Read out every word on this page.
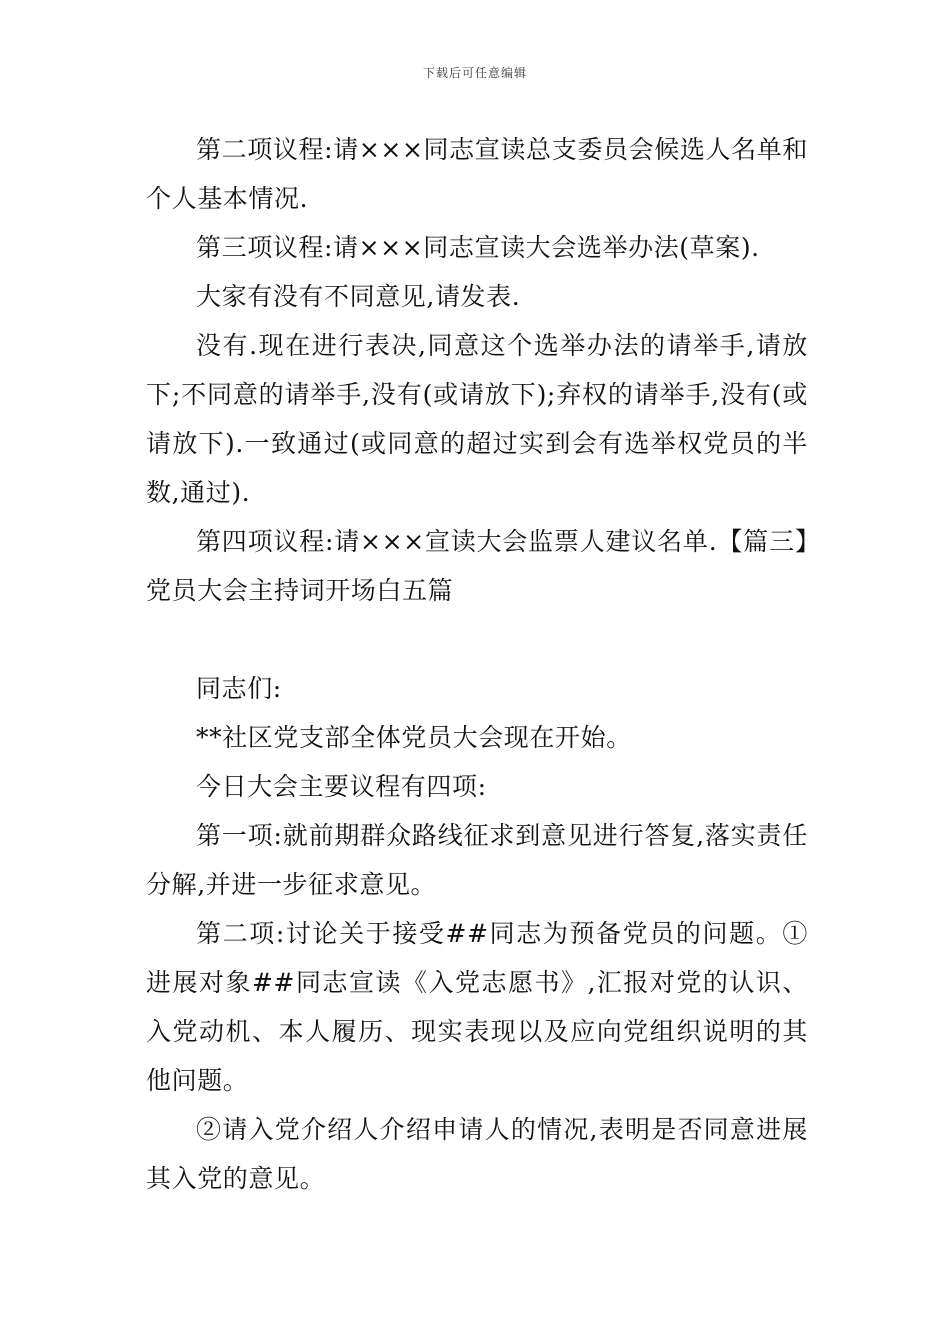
下载后可任意编辑

第二项议程:请×××同志宣读总支委员会候选人名单和个人基本情况.

第三项议程:请×××同志宣读大会选举办法(草案).

大家有没有不同意见,请发表.

没有.现在进行表决,同意这个选举办法的请举手,请放下;不同意的请举手,没有(或请放下);弃权的请举手,没有(或请放下).一致通过(或同意的超过实到会有选举权党员的半数,通过).

第四项议程:请×××宣读大会监票人建议名单.【篇三】党员大会主持词开场白五篇

同志们:

**社区党支部全体党员大会现在开始。

今日大会主要议程有四项:

第一项:就前期群众路线征求到意见进行答复,落实责任分解,并进一步征求意见。

第二项:讨论关于接受##同志为预备党员的问题。①进展对象##同志宣读《入党志愿书》,汇报对党的认识、入党动机、本人履历、现实表现以及应向党组织说明的其他问题。

②请入党介绍人介绍申请人的情况,表明是否同意进展其入党的意见。
